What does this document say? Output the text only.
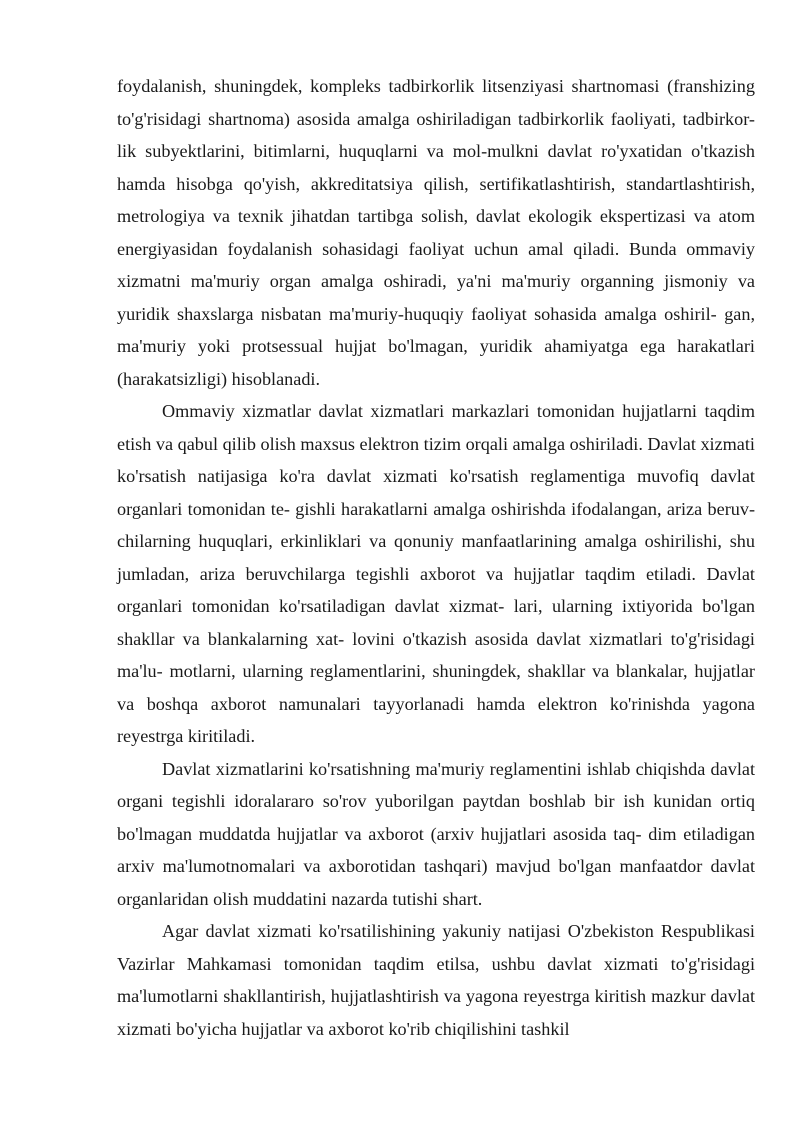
foydalanish, shuningdek, kompleks tadbirkorlik litsenziyasi shartnomasi (franshizing to'g'risidagi shartnoma) asosida amalga oshiriladigan tadbirkorlik faoliyati, tadbirkor- lik subyektlarini, bitimlarni, huquqlarni va mol-mulkni davlat ro'yxatidan o'tkazish hamda hisobga qo'yish, akkreditatsiya qilish, sertifikatlashtirish, standartlashtirish, metrologiya va texnik jihatdan tartibga solish, davlat ekologik ekspertizasi va atom energiyasidan foydalanish sohasidagi faoliyat uchun amal qiladi. Bunda ommaviy xizmatni ma'muriy organ amalga oshiradi, ya'ni ma'muriy organning jismoniy va yuridik shaxslarga nisbatan ma'muriy-huquqiy faoliyat sohasida amalga oshiril- gan, ma'muriy yoki protsessual hujjat bo'lmagan, yuridik ahamiyatga ega harakatlari (harakatsizligi) hisoblanadi.

Ommaviy xizmatlar davlat xizmatlari markazlari tomonidan hujjatlarni taqdim etish va qabul qilib olish maxsus elektron tizim orqali amalga oshiriladi. Davlat xizmati ko'rsatish natijasiga ko'ra davlat xizmati ko'rsatish reglamentiga muvofiq davlat organlari tomonidan te- gishli harakatlarni amalga oshirishda ifodalangan, ariza beruv- chilarning huquqlari, erkinliklari va qonuniy manfaatlarining amalga oshirilishi, shu jumladan, ariza beruvchilarga tegishli axborot va hujjatlar taqdim etiladi. Davlat organlari tomonidan ko'rsatiladigan davlat xizmat- lari, ularning ixtiyorida bo'lgan shakllar va blankalarning xat- lovini o'tkazish asosida davlat xizmatlari to'g'risidagi ma'lu- motlarni, ularning reglamentlarini, shuningdek, shakllar va blankalar, hujjatlar va boshqa axborot namunalari tayyorlanadi hamda elektron ko'rinishda yagona reyestrga kiritiladi.

Davlat xizmatlarini ko'rsatishning ma'muriy reglamentini ishlab chiqishda davlat organi tegishli idoralararo so'rov yuborilgan paytdan boshlab bir ish kunidan ortiq bo'lmagan muddatda hujjatlar va axborot (arxiv hujjatlari asosida taq- dim etiladigan arxiv ma'lumotnomalari va axborotidan tashqari) mavjud bo'lgan manfaatdor davlat organlaridan olish muddatini nazarda tutishi shart.

Agar davlat xizmati ko'rsatilishining yakuniy natijasi O'zbekiston Respublikasi Vazirlar Mahkamasi tomonidan taqdim etilsa, ushbu davlat xizmati to'g'risidagi ma'lumotlarni shakllantirish, hujjatlashtirish va yagona reyestrga kiritish mazkur davlat xizmati bo'yicha hujjatlar va axborot ko'rib chiqilishini tashkil
